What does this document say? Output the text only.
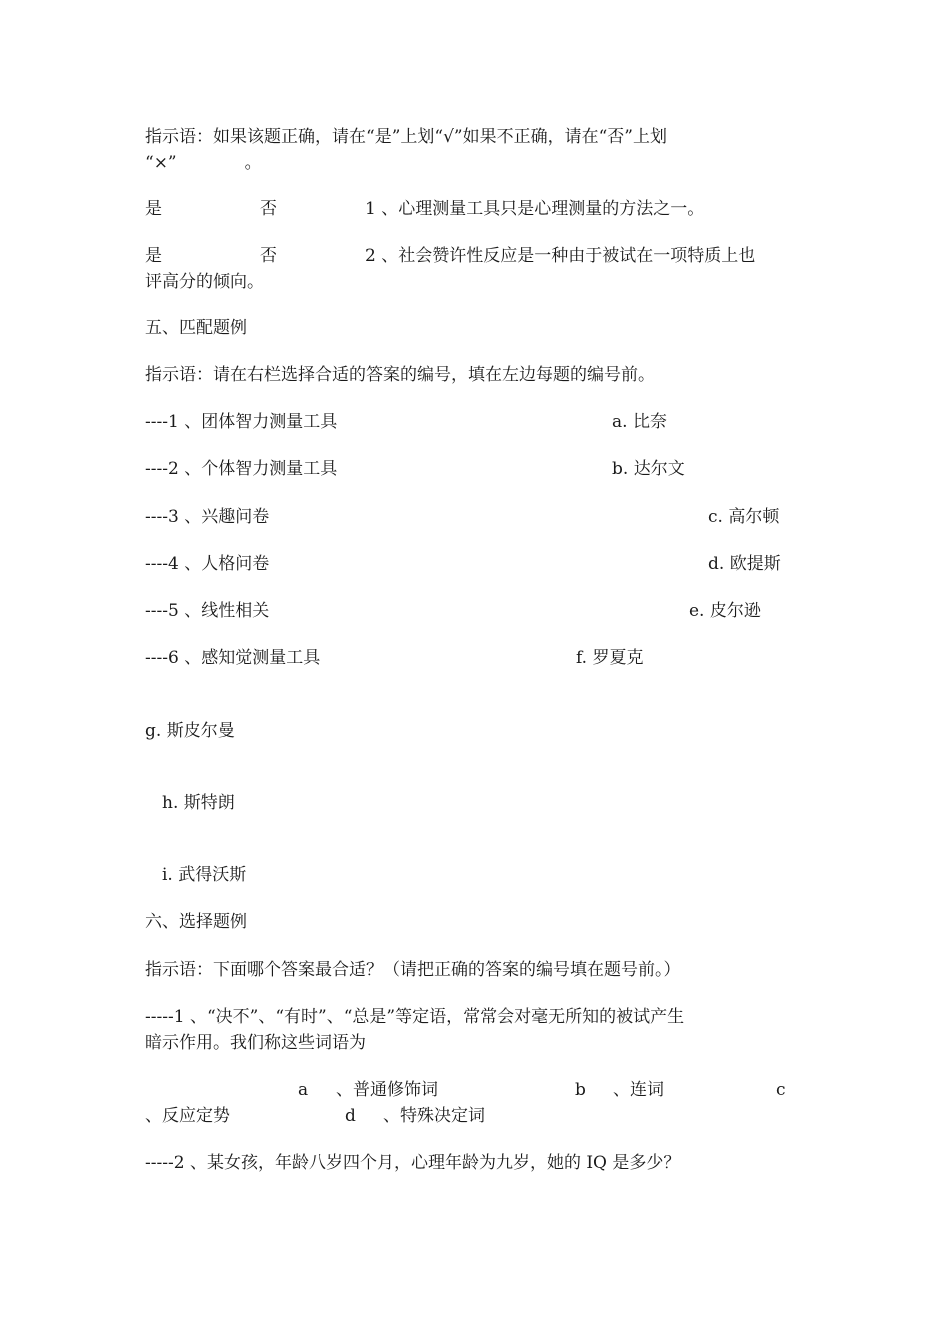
指示语：如果该题正确，请在“是”上划“√”如果不正确，请在“否”上划
“×”　　　　。
是	否	1 、心理测量工具只是心理测量的方法之一。
是	否	2 、社会赞许性反应是一种由于被试在一项特质上也
评高分的倾向。
五、匹配题例
指示语：请在右栏选择合适的答案的编号，填在左边每题的编号前。
----1 、团体智力测量工具	a. 比奈
----2 、个体智力测量工具	b. 达尔文
----3 、兴趣问卷	c. 高尔顿
----4 、人格问卷	d. 欧提斯
----5 、线性相关	e. 皮尔逊
----6 、感知觉测量工具	f. 罗夏克
g. 斯皮尔曼
h. 斯特朗
i. 武得沃斯
六、选择题例
指示语：下面哪个答案最合适？（请把正确的答案的编号填在题号前。）
-----1 、“决不”、“有时”、“总是”等定语，常常会对毫无所知的被试产生
暗示作用。我们称这些词语为
a 、普通修饰词	b 、连词	c
、反应定势	d 、特殊决定词
-----2 、某女孩，年龄八岁四个月，心理年龄为九岁，她的 IQ 是多少？
